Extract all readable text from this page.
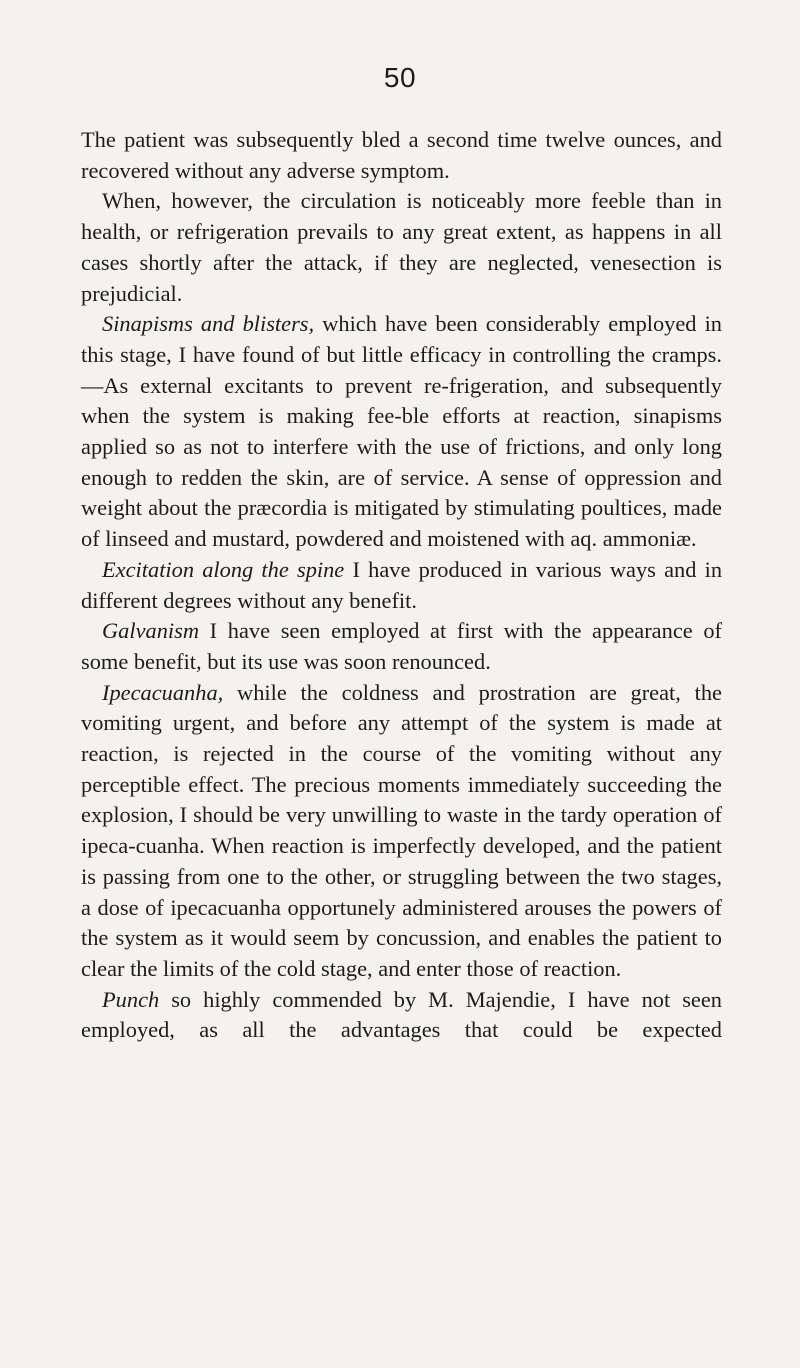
50

The patient was subsequently bled a second time twelve ounces, and recovered without any adverse symptom.

When, however, the circulation is noticeably more feeble than in health, or refrigeration prevails to any great extent, as happens in all cases shortly after the attack, if they are neglected, venesection is prejudicial.

Sinapisms and blisters, which have been considerably employed in this stage, I have found of but little efficacy in controlling the cramps.—As external excitants to prevent re-frigeration, and subsequently when the system is making fee-ble efforts at reaction, sinapisms applied so as not to interfere with the use of frictions, and only long enough to redden the skin, are of service. A sense of oppression and weight about the præcordia is mitigated by stimulating poultices, made of linseed and mustard, powdered and moistened with aq. ammoniæ.

Excitation along the spine I have produced in various ways and in different degrees without any benefit.

Galvanism I have seen employed at first with the appearance of some benefit, but its use was soon renounced.

Ipecacuanha, while the coldness and prostration are great, the vomiting urgent, and before any attempt of the system is made at reaction, is rejected in the course of the vomiting without any perceptible effect. The precious moments immediately succeeding the explosion, I should be very unwilling to waste in the tardy operation of ipeca-cuanha. When reaction is imperfectly developed, and the patient is passing from one to the other, or struggling between the two stages, a dose of ipecacuanha opportunely administered arouses the powers of the system as it would seem by concussion, and enables the patient to clear the limits of the cold stage, and enter those of reaction.

Punch so highly commended by M. Majendie, I have not seen employed, as all the advantages that could be expected
